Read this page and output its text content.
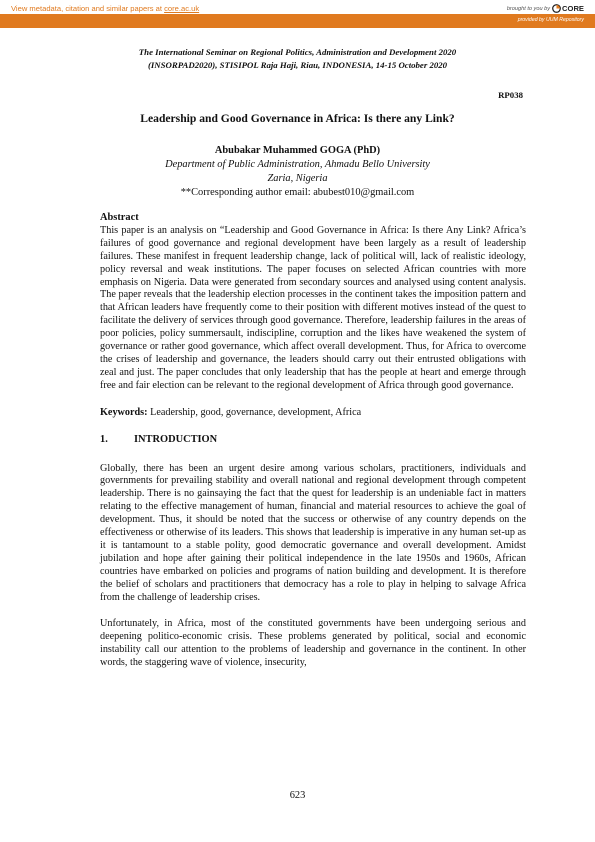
View metadata, citation and similar papers at core.ac.uk	brought to you by CORE
provided by UUM Repository
The International Seminar on Regional Politics, Administration and Development 2020
(INSORPAD2020), STISIPOL Raja Haji, Riau, INDONESIA, 14-15 October 2020
RP038
Leadership and Good Governance in Africa: Is there any Link?
Abubakar Muhammed GOGA (PhD)
Department of Public Administration, Ahmadu Bello University
Zaria, Nigeria
**Corresponding author email: abubest010@gmail.com
Abstract

This paper is an analysis on “Leadership and Good Governance in Africa: Is there Any Link? Africa’s failures of good governance and regional development have been largely as a result of leadership failures. These manifest in frequent leadership change, lack of political will, lack of realistic ideology, policy reversal and weak institutions. The paper focuses on selected African countries with more emphasis on Nigeria. Data were generated from secondary sources and analysed using content analysis. The paper reveals that the leadership election processes in the continent takes the imposition pattern and that African leaders have frequently come to their position with different motives instead of the quest to facilitate the delivery of services through good governance. Therefore, leadership failures in the areas of poor policies, policy summersault, indiscipline, corruption and the likes have weakened the system of governance or rather good governance, which affect overall development. Thus, for Africa to overcome the crises of leadership and governance, the leaders should carry out their entrusted obligations with zeal and just. The paper concludes that only leadership that has the people at heart and emerge through free and fair election can be relevant to the regional development of Africa through good governance.

Keywords: Leadership, good, governance, development, Africa

1.	INTRODUCTION

Globally, there has been an urgent desire among various scholars, practitioners, individuals and governments for prevailing stability and overall national and regional development through competent leadership. There is no gainsaying the fact that the quest for leadership is an undeniable fact in matters relating to the effective management of human, financial and material resources to achieve the goal of development. Thus, it should be noted that the success or otherwise of any country depends on the effectiveness or otherwise of its leaders. This shows that leadership is imperative in any human set-up as it is tantamount to a stable polity, good democratic governance and overall development. Amidst jubilation and hope after gaining their political independence in the late 1950s and 1960s, African countries have embarked on policies and programs of nation building and development. It is therefore the belief of scholars and practitioners that democracy has a role to play in helping to salvage Africa from the challenge of leadership crises.

Unfortunately, in Africa, most of the constituted governments have been undergoing serious and deepening politico-economic crisis. These problems generated by political, social and economic instability call our attention to the problems of leadership and governance in the continent. In other words, the staggering wave of violence, insecurity,

623
